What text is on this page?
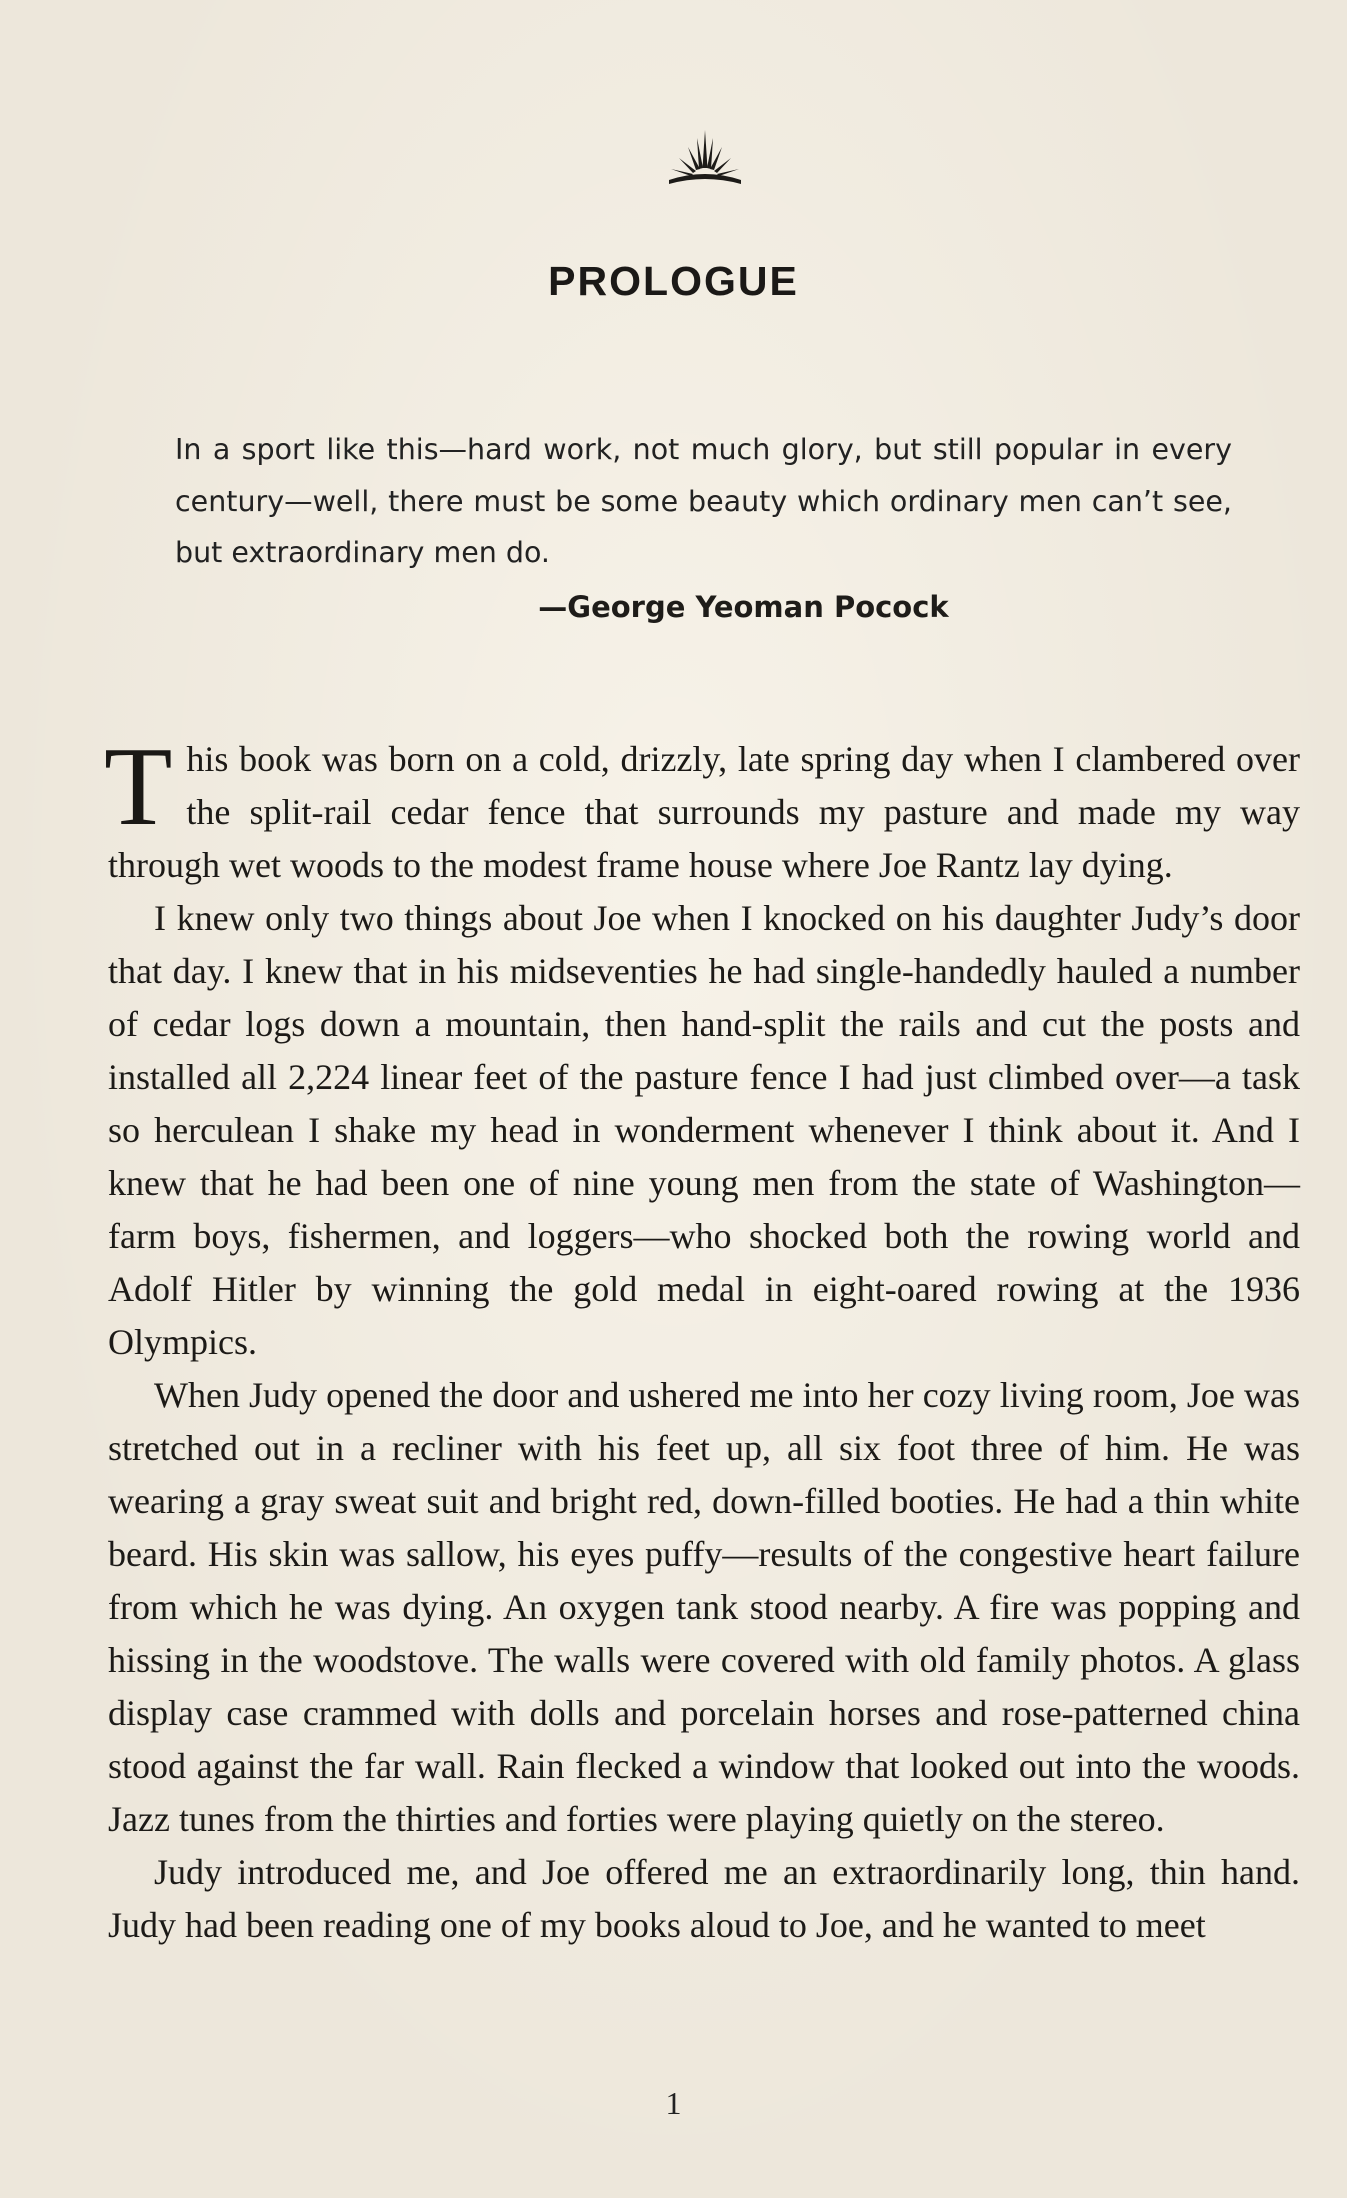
PROLOGUE

In a sport like this—hard work, not much glory, but still popular in every century—well, there must be some beauty which ordinary men can’t see, but extraordinary men do.

—George Yeoman Pocock

This book was born on a cold, drizzly, late spring day when I clambered over the split-rail cedar fence that surrounds my pasture and made my way through wet woods to the modest frame house where Joe Rantz lay dying.

I knew only two things about Joe when I knocked on his daughter Judy’s door that day. I knew that in his midseventies he had single-handedly hauled a number of cedar logs down a mountain, then hand-split the rails and cut the posts and installed all 2,224 linear feet of the pasture fence I had just climbed over—a task so herculean I shake my head in wonderment whenever I think about it. And I knew that he had been one of nine young men from the state of Washington—farm boys, fishermen, and loggers—who shocked both the rowing world and Adolf Hitler by winning the gold medal in eight-oared rowing at the 1936 Olympics.

When Judy opened the door and ushered me into her cozy living room, Joe was stretched out in a recliner with his feet up, all six foot three of him. He was wearing a gray sweat suit and bright red, down-filled booties. He had a thin white beard. His skin was sallow, his eyes puffy—results of the congestive heart failure from which he was dying. An oxygen tank stood nearby. A fire was popping and hissing in the woodstove. The walls were covered with old family photos. A glass display case crammed with dolls and porcelain horses and rose-patterned china stood against the far wall. Rain flecked a window that looked out into the woods. Jazz tunes from the thirties and forties were playing quietly on the stereo.

Judy introduced me, and Joe offered me an extraordinarily long, thin hand. Judy had been reading one of my books aloud to Joe, and he wanted to meet

1
